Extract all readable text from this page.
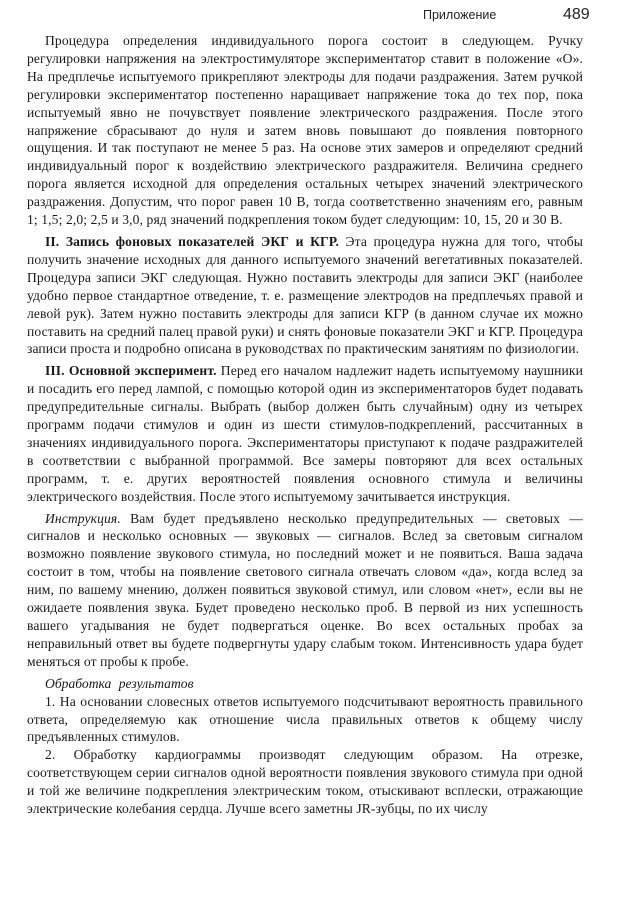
Приложение	489

Процедура определения индивидуального порога состоит в следующем. Ручку регулировки напряжения на электростимуляторе экспериментатор ставит в положение «О». На предплечье испытуемого прикрепляют электроды для подачи раздражения. Затем ручкой регулировки экспериментатор постепенно наращивает напряжение тока до тех пор, пока испытуемый явно не почувствует появление электрического раздражения. После этого напряжение сбрасывают до нуля и затем вновь повышают до появления повторного ощущения. И так поступают не менее 5 раз. На основе этих замеров и определяют средний индивидуальный порог к воздействию электрического раздражителя. Величина среднего порога является исходной для определения остальных четырех значений электрического раздражения. Допустим, что порог равен 10 В, тогда соответственно значениям его, равным 1; 1,5; 2,0; 2,5 и 3,0, ряд значений подкрепления током будет следующим: 10, 15, 20 и 30 В.

II. Запись фоновых показателей ЭКГ и КГР. Эта процедура нужна для того, чтобы получить значение исходных для данного испытуемого значений вегетативных показателей. Процедура записи ЭКГ следующая. Нужно поставить электроды для записи ЭКГ (наиболее удобно первое стандартное отведение, т. е. размещение электродов на предплечьях правой и левой рук). Затем нужно поставить электроды для записи КГР (в данном случае их можно поставить на средний палец правой руки) и снять фоновые показатели ЭКГ и КГР. Процедура записи проста и подробно описана в руководствах по практическим занятиям по физиологии.

III. Основной эксперимент. Перед его началом надлежит надеть испытуемому наушники и посадить его перед лампой, с помощью которой один из экспериментаторов будет подавать предупредительные сигналы. Выбрать (выбор должен быть случайным) одну из четырех программ подачи стимулов и один из шести стимулов-подкреплений, рассчитанных в значениях индивидуального порога. Экспериментаторы приступают к подаче раздражителей в соответствии с выбранной программой. Все замеры повторяют для всех остальных программ, т. е. других вероятностей появления основного стимула и величины электрического воздействия. После этого испытуемому зачитывается инструкция.

Инструкция. Вам будет предъявлено несколько предупредительных — световых — сигналов и несколько основных — звуковых — сигналов. Вслед за световым сигналом возможно появление звукового стимула, но последний может и не появиться. Ваша задача состоит в том, чтобы на появление светового сигнала отвечать словом «да», когда вслед за ним, по вашему мнению, должен появиться звуковой стимул, или словом «нет», если вы не ожидаете появления звука. Будет проведено несколько проб. В первой из них успешность вашего угадывания не будет подвергаться оценке. Во всех остальных пробах за неправильный ответ вы будете подвергнуты удару слабым током. Интенсивность удара будет меняться от пробы к пробе.

Обработка результатов

1. На основании словесных ответов испытуемого подсчитывают вероятность правильного ответа, определяемую как отношение числа правильных ответов к общему числу предъявленных стимулов.

2. Обработку кардиограммы производят следующим образом. На отрезке, соответствующем серии сигналов одной вероятности появления звукового стимула при одной и той же величине подкрепления электрическим током, отыскивают всплески, отражающие электрические колебания сердца. Лучше всего заметны JR-зубцы, по их числу
